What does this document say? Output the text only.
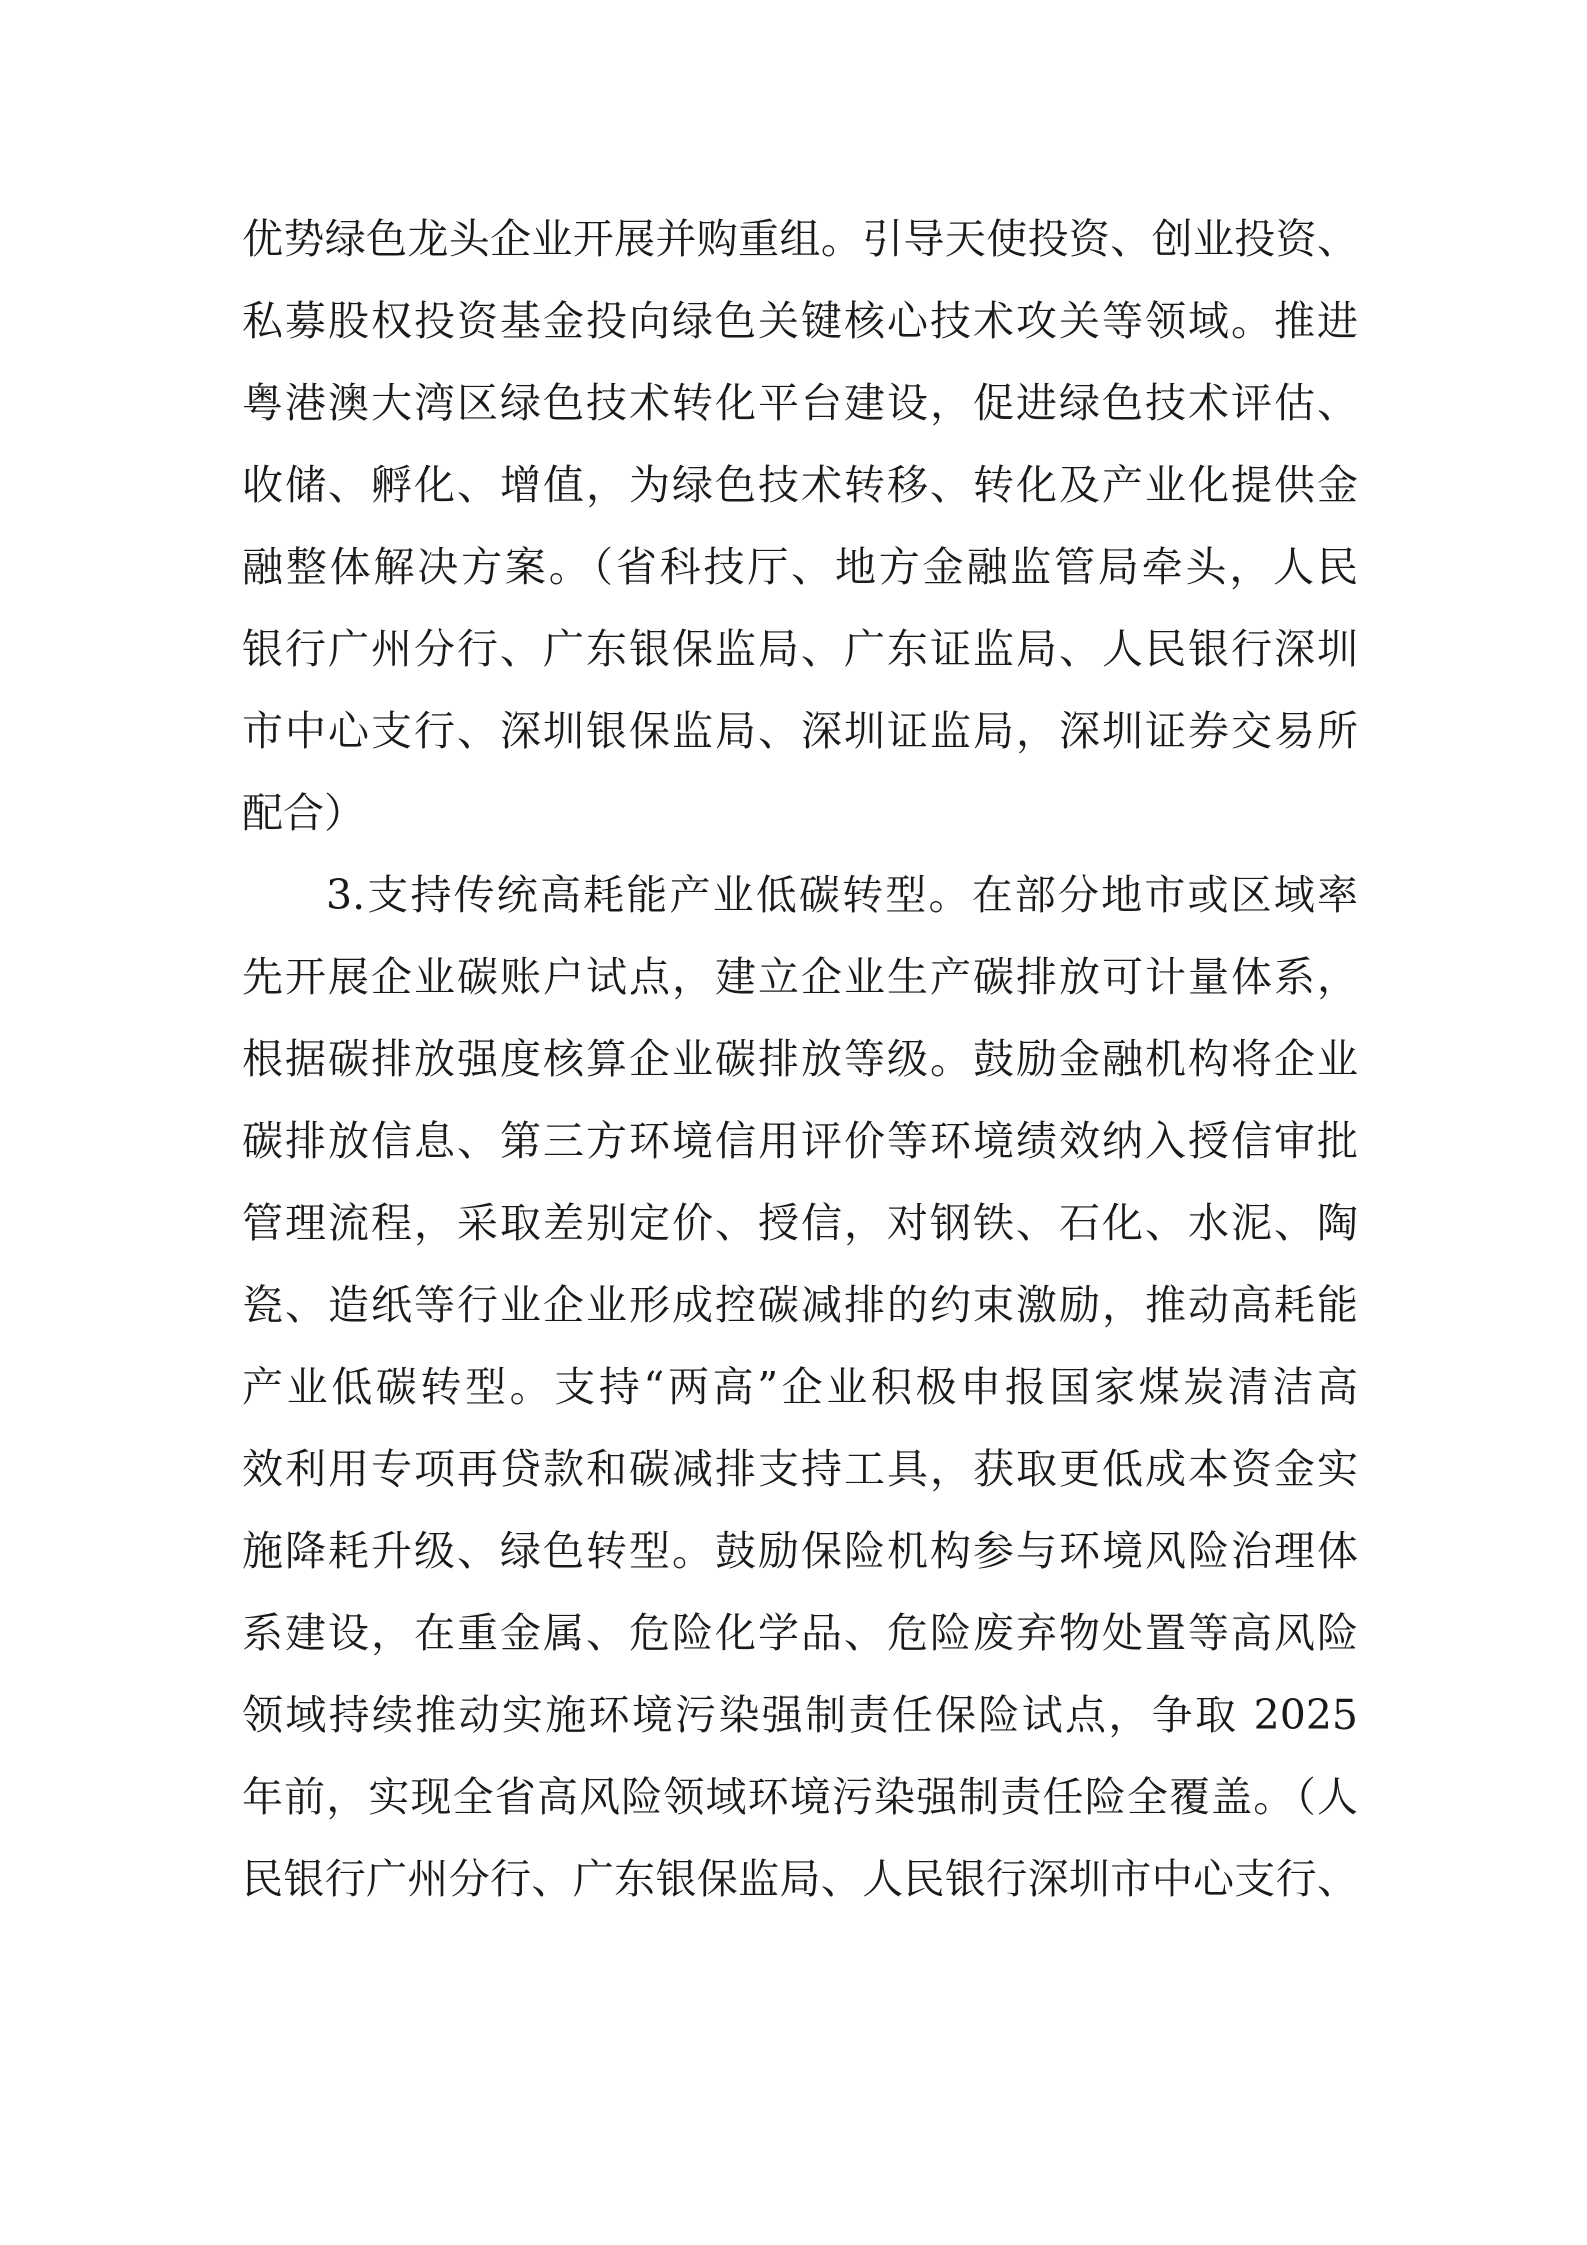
优势绿色龙头企业开展并购重组。引导天使投资、创业投资、
私募股权投资基金投向绿色关键核心技术攻关等领域。推进
粤港澳大湾区绿色技术转化平台建设，促进绿色技术评估、
收储、孵化、增值，为绿色技术转移、转化及产业化提供金
融整体解决方案。（省科技厅、地方金融监管局牵头，人民
银行广州分行、广东银保监局、广东证监局、人民银行深圳
市中心支行、深圳银保监局、深圳证监局，深圳证券交易所
配合）
3.支持传统高耗能产业低碳转型。在部分地市或区域率
先开展企业碳账户试点，建立企业生产碳排放可计量体系，
根据碳排放强度核算企业碳排放等级。鼓励金融机构将企业
碳排放信息、第三方环境信用评价等环境绩效纳入授信审批
管理流程，采取差别定价、授信，对钢铁、石化、水泥、陶
瓷、造纸等行业企业形成控碳减排的约束激励，推动高耗能
产业低碳转型。支持“两高”企业积极申报国家煤炭清洁高
效利用专项再贷款和碳减排支持工具，获取更低成本资金实
施降耗升级、绿色转型。鼓励保险机构参与环境风险治理体
系建设，在重金属、危险化学品、危险废弃物处置等高风险
领域持续推动实施环境污染强制责任保险试点，争取 2025
年前，实现全省高风险领域环境污染强制责任险全覆盖。（人
民银行广州分行、广东银保监局、人民银行深圳市中心支行、
